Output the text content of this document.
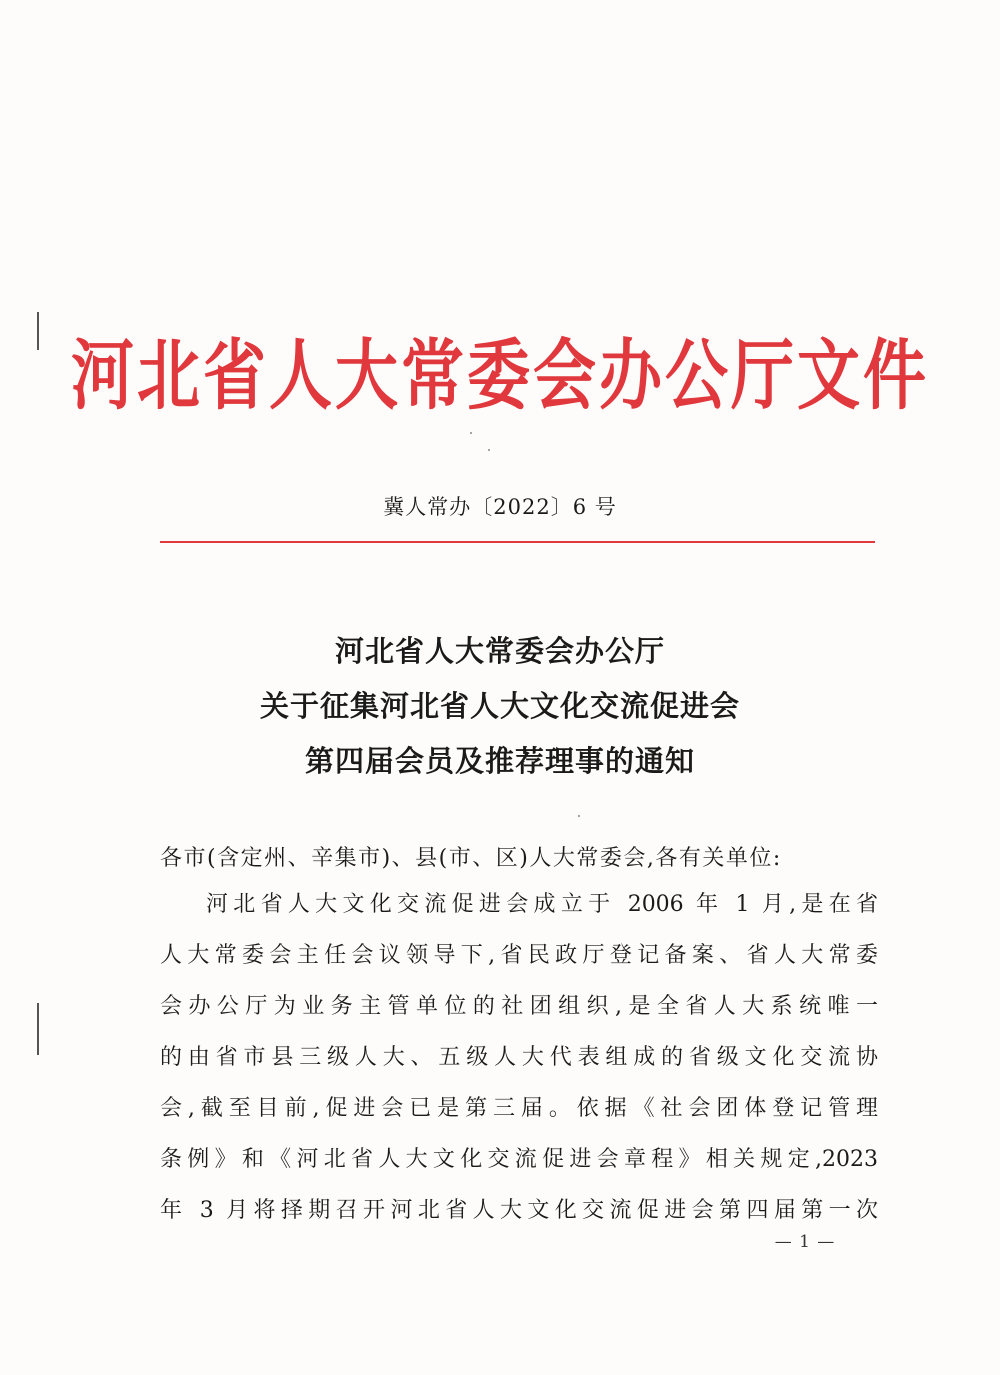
河北省人大常委会办公厅文件
冀人常办〔2022〕6 号
河北省人大常委会办公厅
关于征集河北省人大文化交流促进会
第四届会员及推荐理事的通知
各市(含定州、辛集市)、县(市、区)人大常委会,各有关单位:
河北省人大文化交流促进会成立于 2006 年 1 月,是在省
人大常委会主任会议领导下,省民政厅登记备案、省人大常委
会办公厅为业务主管单位的社团组织,是全省人大系统唯一
的由省市县三级人大、五级人大代表组成的省级文化交流协
会,截至目前,促进会已是第三届。依据《社会团体登记管理
条例》和《河北省人大文化交流促进会章程》相关规定,2023
年 3 月将择期召开河北省人大文化交流促进会第四届第一次
— 1 —
